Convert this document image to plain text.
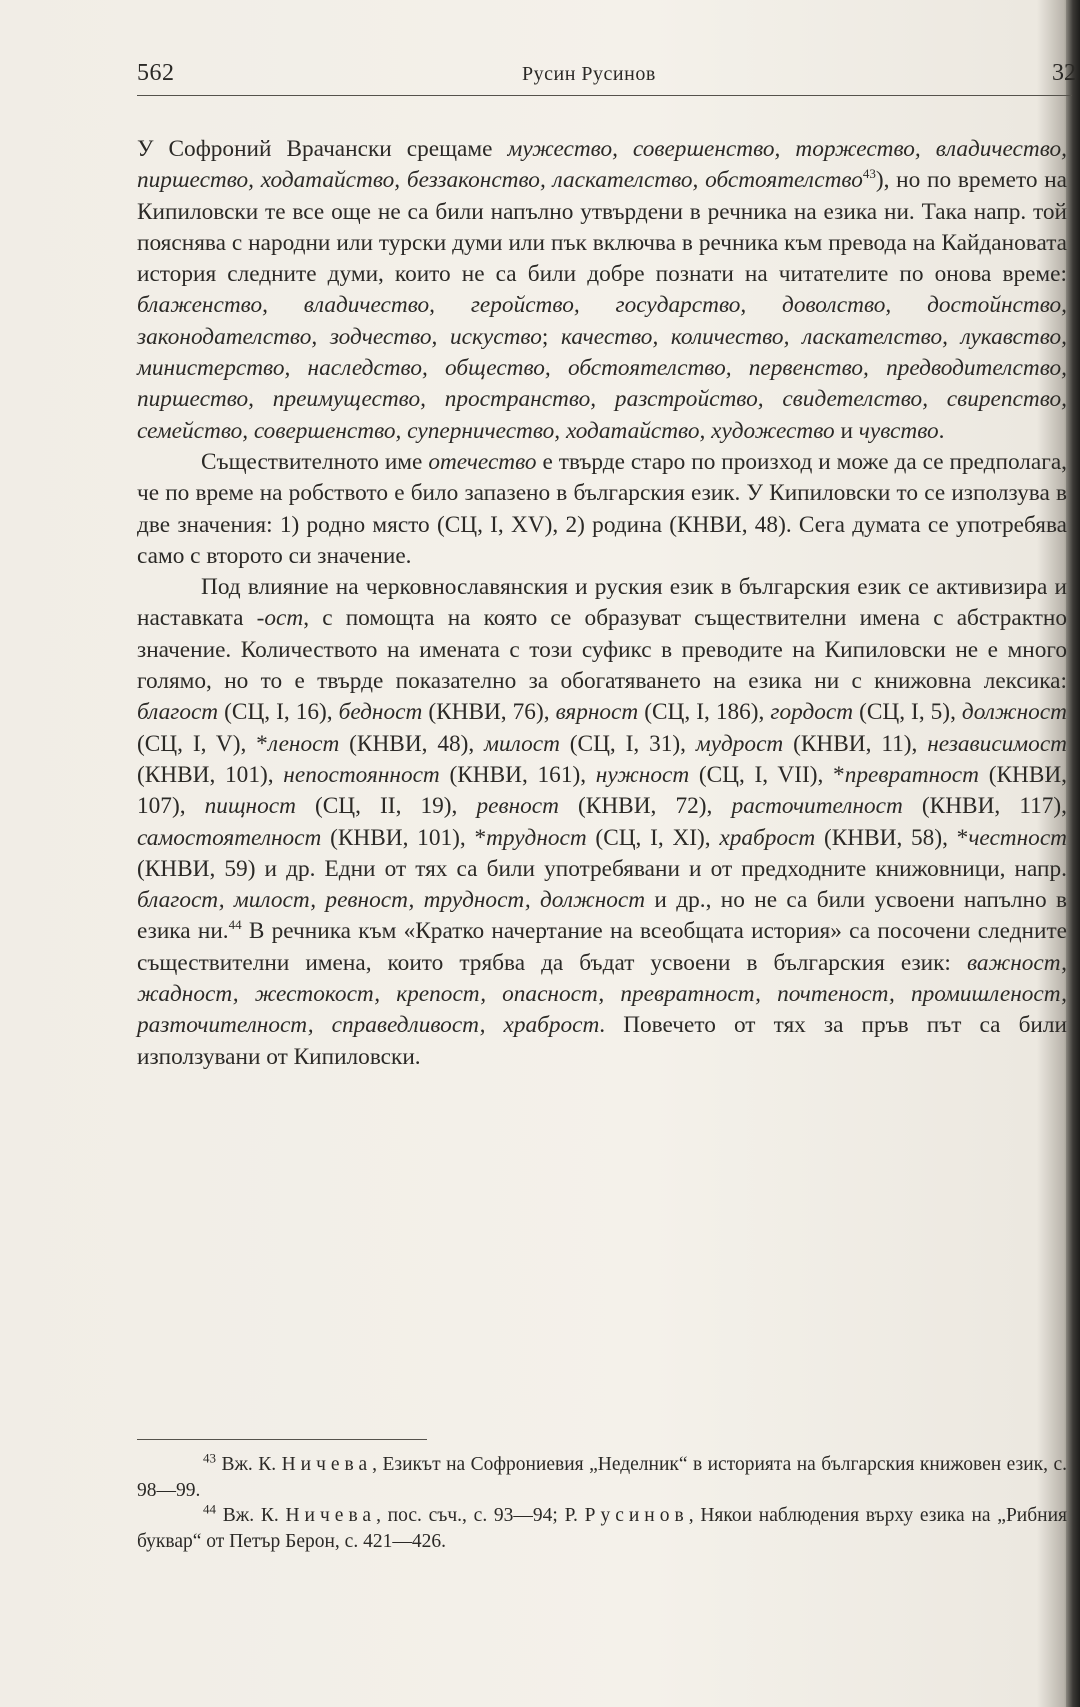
562	Русин Русинов	32

У Софроний Врачански срещаме мужество, совершенство, торжество, владичество, пиршество, ходатайство, беззаконство, ласкателство, обстоятелство$^{43}$), но по времето на Кипиловски те все още не са били напълно утвърдени в речника на езика ни. Така напр. той пояснява с народни или турски думи или пък включва в речника към превода на Кайдановата история следните думи, които не са били добре познати на читателите по онова време: блаженство, владичество, геройство, государство, доволство, достойнство, законодателство, зодчество, искуство; качество, количество, ласкателство, лукавство, министерство, наследство, общество, обстоятелство, первенство, предводителство, пиршество, преимущество, пространство, разстройство, свидетелство, свирепство, семейство, совершенство, суперничество, ходатайство, художество и чувство.

Съществителното име отечество е твърде старо по произход и може да се предполага, че по време на робството е било запазено в българския език. У Кипиловски то се използува в две значения: 1) родно място (СЦ, I, XV), 2) родина (КНВИ, 48). Сега думата се употребява само с второто си значение.

Под влияние на черковнославянския и руския език в българския език се активизира и наставката -ост, с помощта на която се образуват съществителни имена с абстрактно значение. Количеството на имената с този суфикс в преводите на Кипиловски не е много голямо, но то е твърде показателно за обогатяването на езика ни с книжовна лексика: благост (СЦ, I, 16), бедност (КНВИ, 76), вярност (СЦ, I, 186), гордост (СЦ, I, 5), должност (СЦ, I, V), *леност (КНВИ, 48), милост (СЦ, I, 31), мудрост (КНВИ, 11), независимост (КНВИ, 101), непостоянност (КНВИ, 161), нужност (СЦ, I, VII), *превратност (КНВИ, 107), пищност (СЦ, II, 19), ревност (КНВИ, 72), расточителност (КНВИ, 117), самостоятелност (КНВИ, 101), *трудност (СЦ, I, XI), храброст (КНВИ, 58), *честност (КНВИ, 59) и др. Едни от тях са били употребявани и от предходните книжовници, напр. благост, милост, ревност, трудност, должност и др., но не са били усвоени напълно в езика ни.$^{44}$ В речника към «Кратко начертание на всеобщата история» са посочени следните съществителни имена, които трябва да бъдат усвоени в българския език: важност, жадност, жестокост, крепост, опасност, превратност, почтеност, промишленост, разточителност, справедливост, храброст. Повечето от тях за пръв път са били използувани от Кипиловски.

$^{43}$ Вж. К. Ничева, Езикът на Софрониевия „Неделник“ в историята на българския книжовен език, с. 98—99.

$^{44}$ Вж. К. Ничева, пос. съч., с. 93—94; Р. Русинов, Някои наблюдения върху езика на „Рибния буквар“ от Петър Берон, с. 421—426.
